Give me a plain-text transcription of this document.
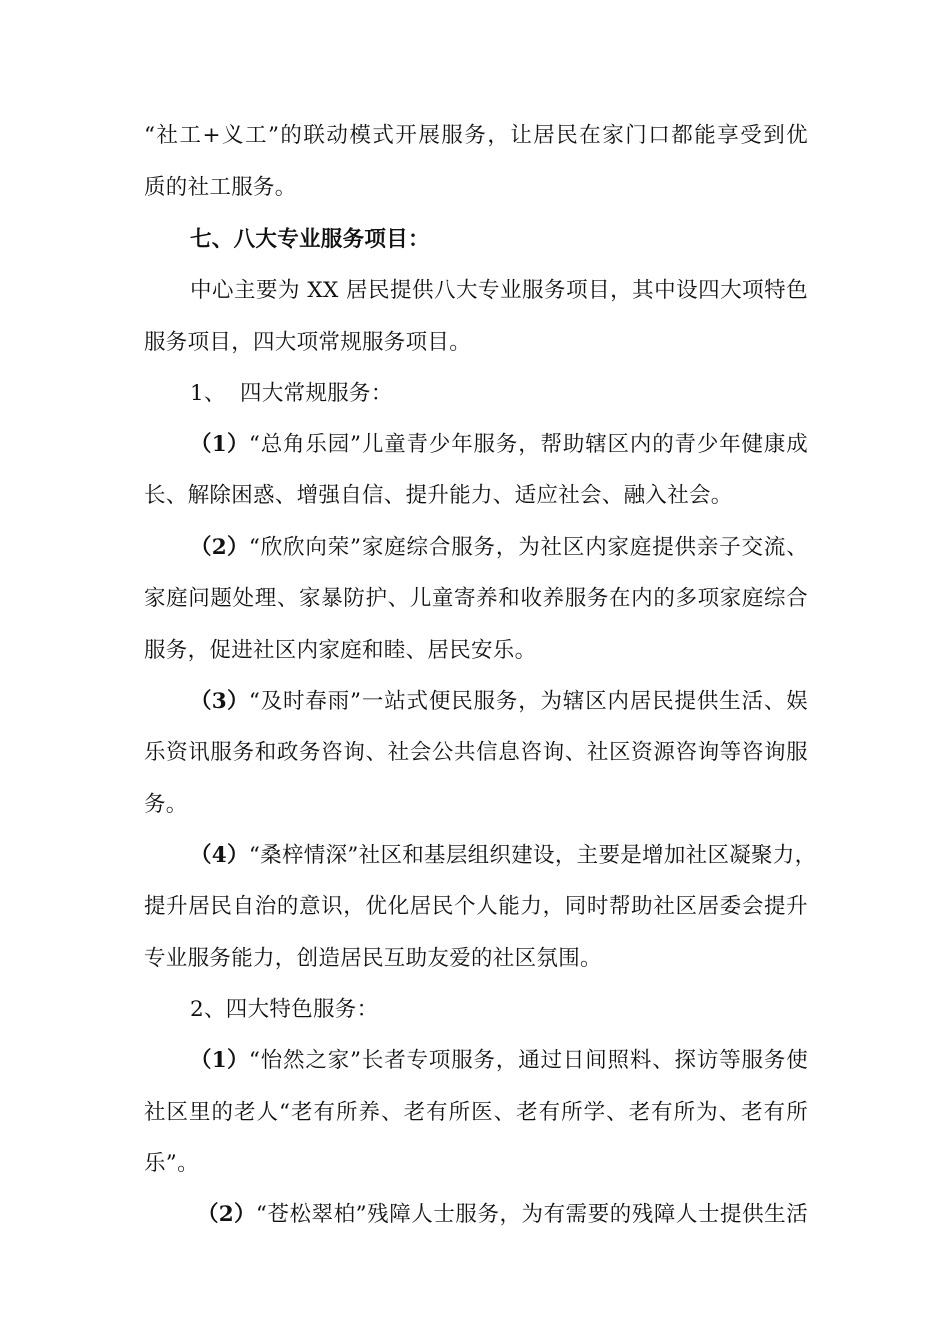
“社工+义工”的联动模式开展服务，让居民在家门口都能享受到优
质的社工服务。
七、八大专业服务项目：
中心主要为 XX 居民提供八大专业服务项目，其中设四大项特色
服务项目，四大项常规服务项目。
1、  四大常规服务：
（1） “总角乐园”儿童青少年服务，帮助辖区内的青少年健康成
长、解除困惑、增强自信、提升能力、适应社会、融入社会。
（2） “欣欣向荣”家庭综合服务，为社区内家庭提供亲子交流、
家庭问题处理、家暴防护、儿童寄养和收养服务在内的多项家庭综合
服务，促进社区内家庭和睦、居民安乐。
（3） “及时春雨”一站式便民服务，为辖区内居民提供生活、娱
乐资讯服务和政务咨询、社会公共信息咨询、社区资源咨询等咨询服
务。
（4） “桑梓情深”社区和基层组织建设，主要是增加社区凝聚力，
提升居民自治的意识，优化居民个人能力，同时帮助社区居委会提升
专业服务能力，创造居民互助友爱的社区氛围。
2、四大特色服务：
（1） “怡然之家”长者专项服务，通过日间照料、探访等服务使
社区里的老人“老有所养、老有所医、老有所学、老有所为、老有所
乐”。
（2） “苍松翠柏”残障人士服务，为有需要的残障人士提供生活
